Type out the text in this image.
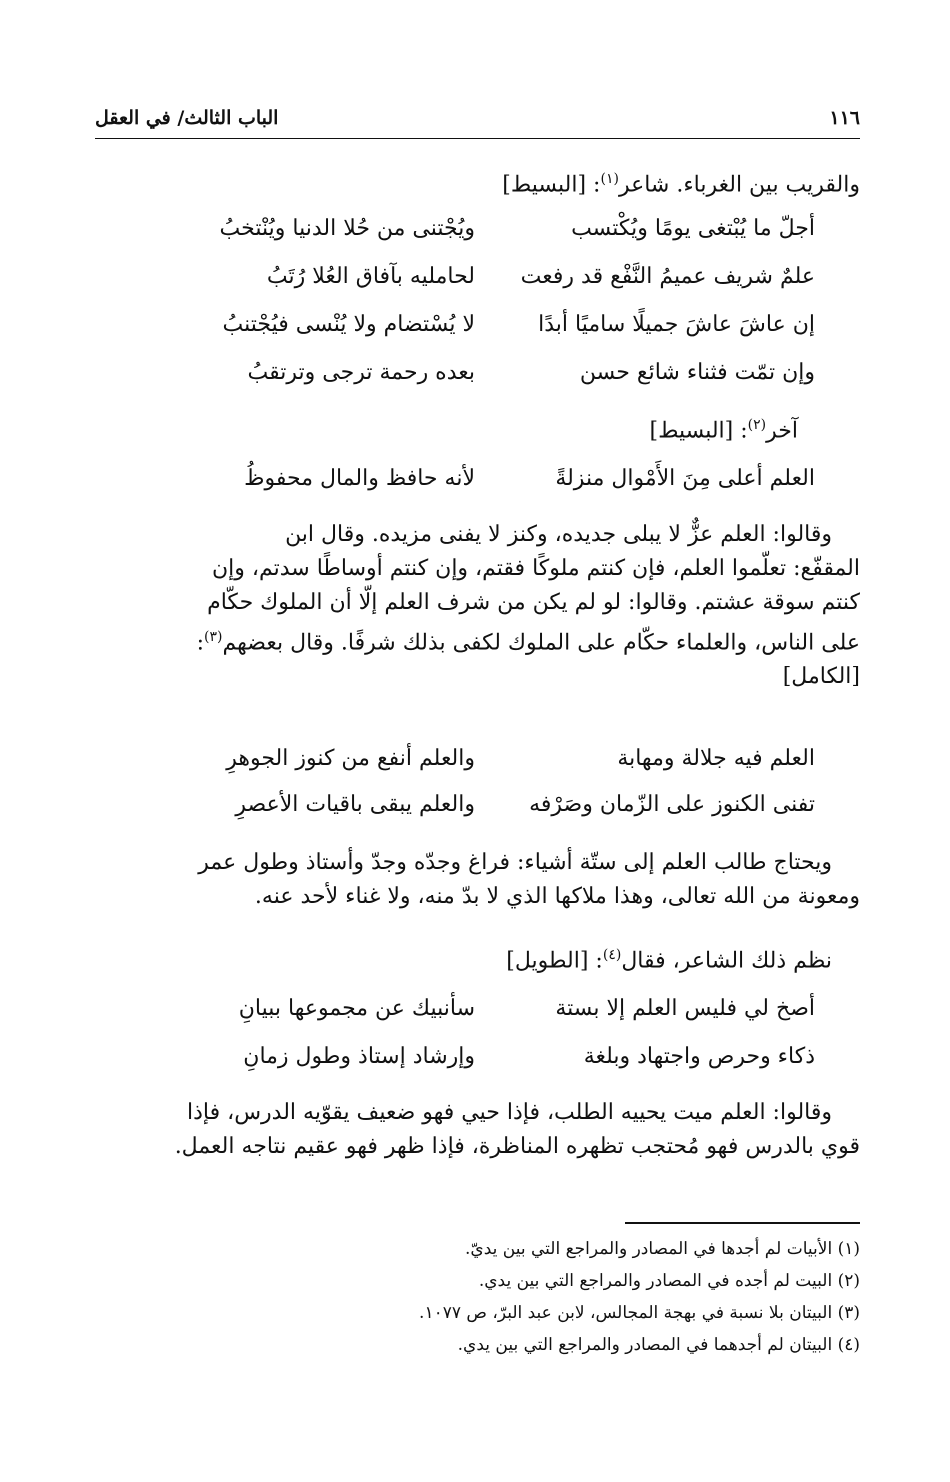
١١٦
الباب الثالث/ في العقل
والقريب بين الغرباء. شاعر$^{(١)}$: [البسيط]
أجلّ ما يُبْتغى يومًا ويُكْتسب
ويُجْتنى من حُلا الدنيا ويُنْتخبُ
علمٌ شريف عميمُ النَّفْع قد رفعت
لحامليه بآفاق العُلا رُتَبُ
إن عاشَ عاشَ جميلًا ساميًا أبدًا
لا يُسْتضام ولا يُنْسى فيُجْتنبُ
وإن تمّت فثناء شائع حسن
بعده رحمة ترجى وترتقبُ
آخر$^{(٢)}$: [البسيط]
العلم أعلى مِنَ الأَمْوال منزلةً
لأنه حافظ والمال محفوظُ
وقالوا: العلم عزٌّ لا يبلى جديده، وكنز لا يفنى مزيده. وقال ابن
المقفّع: تعلّموا العلم، فإن كنتم ملوكًا فقتم، وإن كنتم أوساطًا سدتم، وإن
كنتم سوقة عشتم. وقالوا: لو لم يكن من شرف العلم إلّا أن الملوك حكّام
على الناس، والعلماء حكّام على الملوك لكفى بذلك شرفًا. وقال بعضهم$^{(٣)}$:
[الكامل]
العلم فيه جلالة ومهابة
والعلم أنفع من كنوز الجوهرِ
تفنى الكنوز على الزّمان وصَرْفه
والعلم يبقى باقيات الأعصرِ
ويحتاج طالب العلم إلى ستّة أشياء: فراغ وجدّه وجدّ وأستاذ وطول عمر
ومعونة من الله تعالى، وهذا ملاكها الذي لا بدّ منه، ولا غناء لأحد عنه.
نظم ذلك الشاعر، فقال$^{(٤)}$: [الطويل]
أصخ لي فليس العلم إلا بستة
سأنبيك عن مجموعها ببيانِ
ذكاء وحرص واجتهاد وبلغة
وإرشاد إستاذ وطول زمانِ
وقالوا: العلم ميت يحييه الطلب، فإذا حيي فهو ضعيف يقوّيه الدرس، فإذا
قوي بالدرس فهو مُحتجب تظهره المناظرة، فإذا ظهر فهو عقيم نتاجه العمل.
(١) الأبيات لم أجدها في المصادر والمراجع التي بين يديّ.
(٢) البيت لم أجده في المصادر والمراجع التي بين يدي.
(٣) البيتان بلا نسبة في بهجة المجالس، لابن عبد البرّ، ص ١٠٧٧.
(٤) البيتان لم أجدهما في المصادر والمراجع التي بين يدي.
